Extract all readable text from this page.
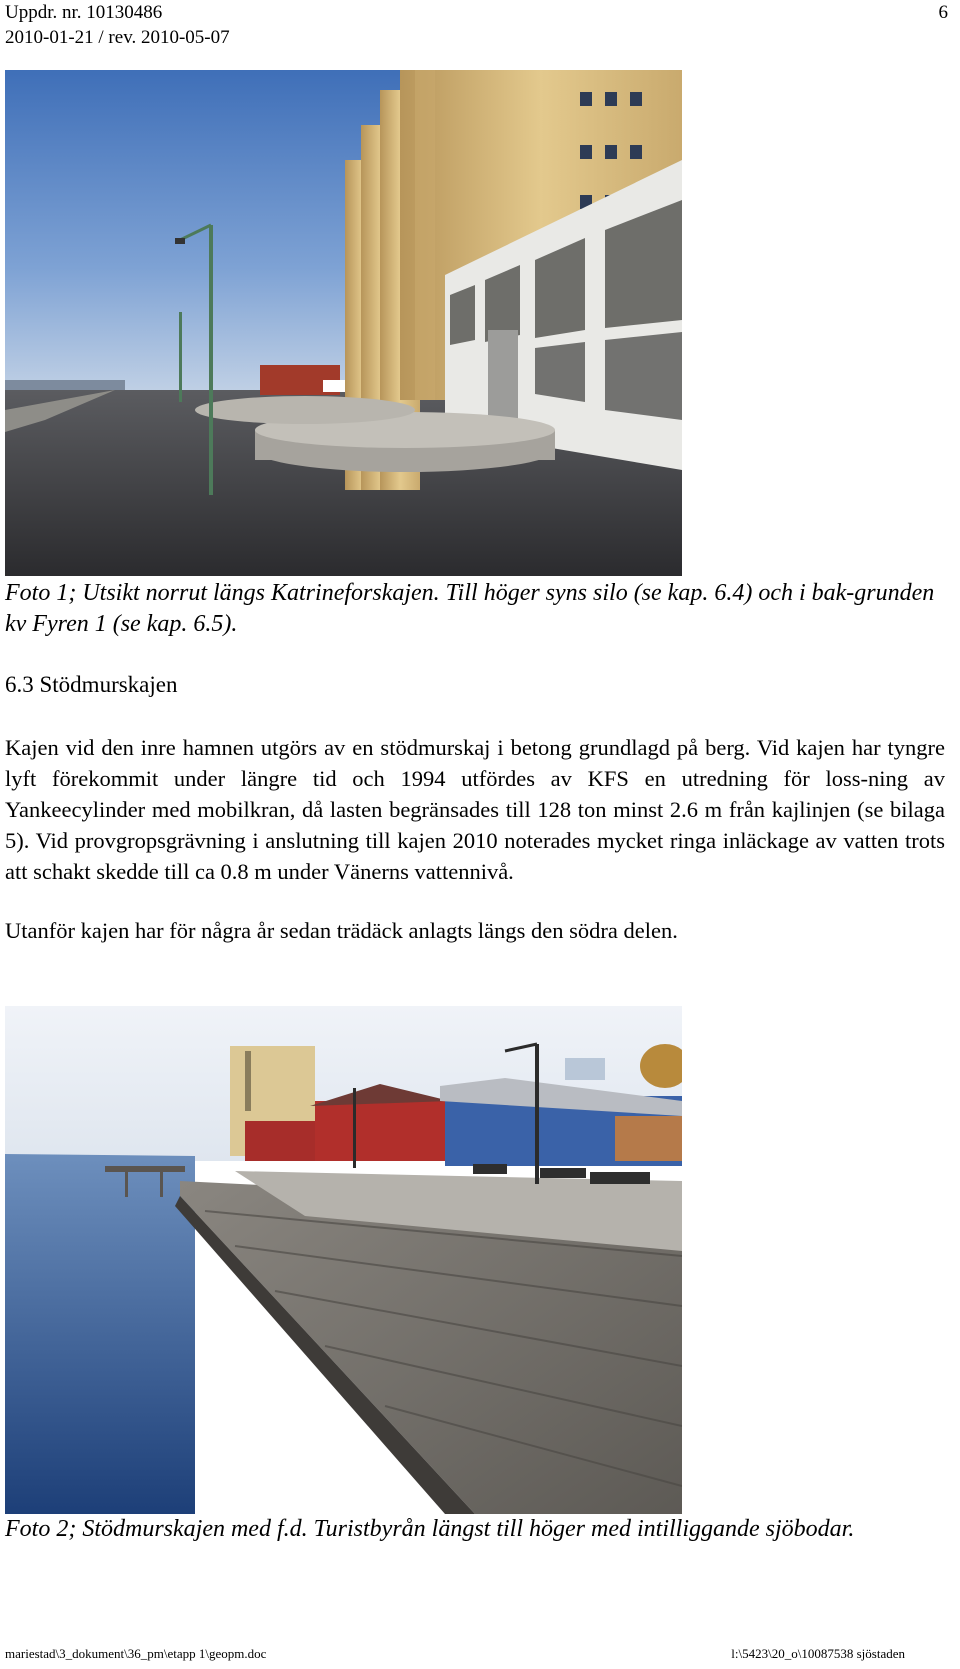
Uppdr. nr. 10130486
2010-01-21 / rev. 2010-05-07
6
Foto 1; Utsikt norrut längs Katrineforskajen. Till höger syns silo (se kap. 6.4) och i bak-grunden kv Fyren 1 (se kap. 6.5).
6.3 Stödmurskajen

Kajen vid den inre hamnen utgörs av en stödmurskaj i betong grundlagd på berg. Vid kajen har tyngre lyft förekommit under längre tid och 1994 utfördes av KFS en utredning för loss-ning av Yankeecylinder med mobilkran, då lasten begränsades till 128 ton minst 2.6 m från kajlinjen (se bilaga 5). Vid provgropsgrävning i anslutning till kajen 2010 noterades mycket ringa inläckage av vatten trots att schakt skedde till ca 0.8 m under Vänerns vattennivå.

Utanför kajen har för några år sedan trädäck anlagts längs den södra delen.

Foto 2; Stödmurskajen med f.d. Turistbyrån längst till höger med intilliggande sjöbodar.
mariestad\3_dokument\36_pm\etapp 1\geopm.doc	l:\5423\20_o\10087538 sjöstaden
